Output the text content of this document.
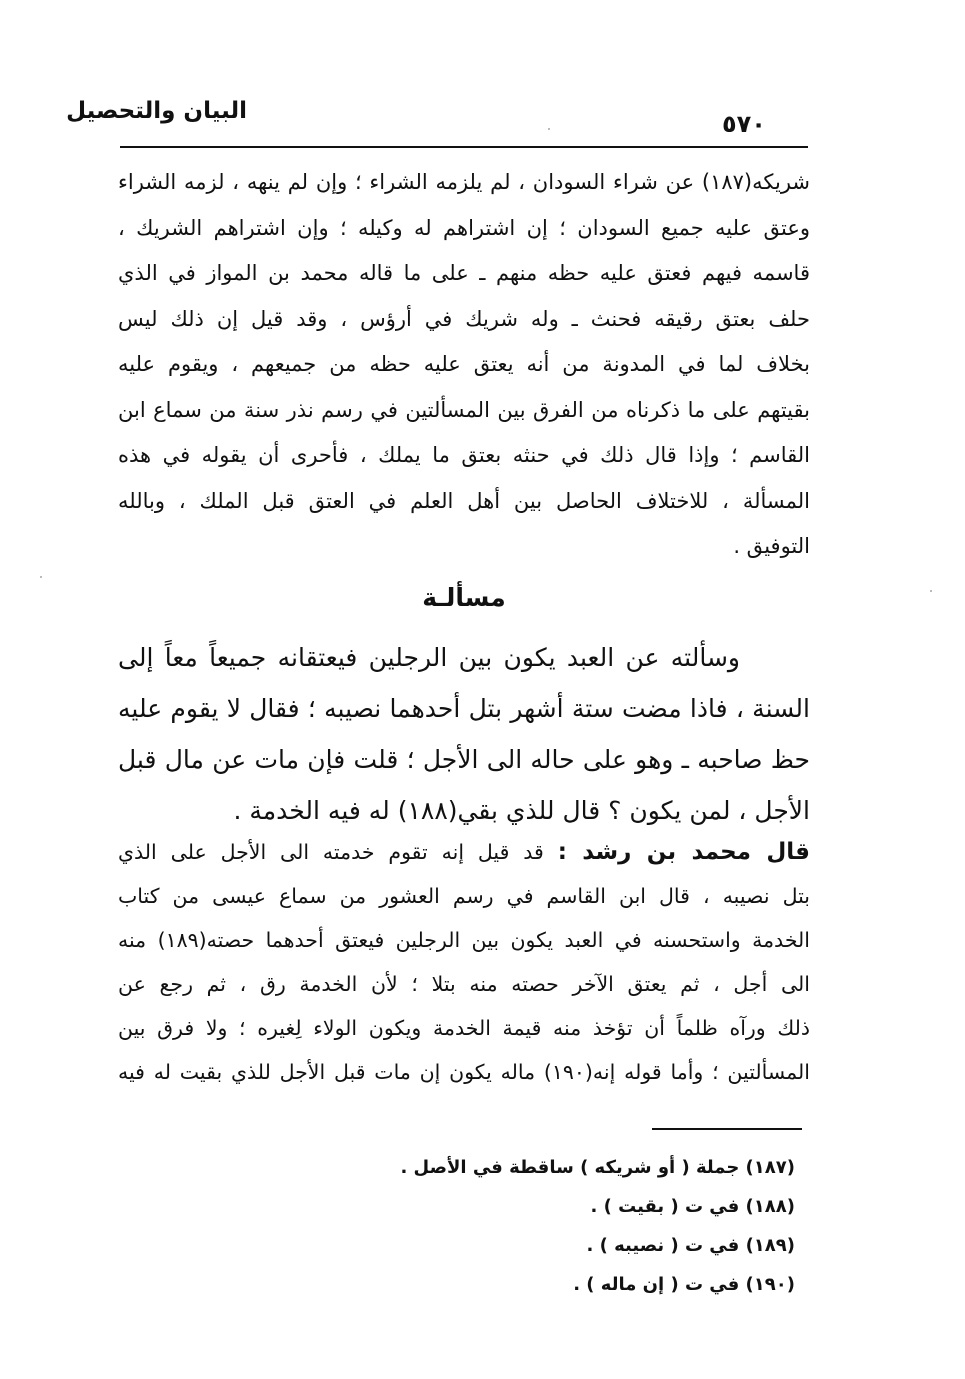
البيان والتحصيل	٥٧٠
شريكه(١٨٧) عن شراء السودان ، لم يلزمه الشراء ؛ وإن لم ينهه ، لزمه الشراء
وعتق عليه جميع السودان ؛ إن اشتراهم له وكيله ؛ وإن اشتراهم الشريك ،
قاسمه فيهم فعتق عليه حظه منهم ـ على ما قاله محمد بن المواز في الذي
حلف بعتق رقيقه فحنث ـ وله شريك في أرؤس ، وقد قيل إن ذلك ليس
بخلاف لما في المدونة من أنه يعتق عليه حظه من جميعهم ، ويقوم عليه
بقيتهم على ما ذكرناه من الفرق بين المسألتين في رسم نذر سنة من سماع ابن
القاسم ؛ وإذا قال ذلك في حنثه بعتق ما يملك ، فأحرى أن يقوله في هذه
المسألة ، للاختلاف الحاصل بين أهل العلم في العتق قبل الملك ، وبالله
التوفيق .
مسألـة
وسألته عن العبد يكون بين الرجلين فيعتقانه جميعاً معاً إلى
السنة ، فاذا مضت ستة أشهر بتل أحدهما نصيبه ؛ فقال لا يقوم عليه
حظ صاحبه ـ وهو على حاله الى الأجل ؛ قلت فإن مات عن مال قبل
الأجل ، لمن يكون ؟ قال للذي بقي(١٨٨) له فيه الخدمة .
قال محمد بن رشد : قد قيل إنه تقوم خدمته الى الأجل على الذي
بتل نصيبه ، قال ابن القاسم في رسم العشور من سماع عيسى من كتاب
الخدمة واستحسنه في العبد يكون بين الرجلين فيعتق أحدهما حصته(١٨٩) منه
الى أجل ، ثم يعتق الآخر حصته منه بتلا ؛ لأن الخدمة رق ، ثم رجع عن
ذلك ورآه ظلماً أن تؤخذ منه قيمة الخدمة ويكون الولاء لِغيره ؛ ولا فرق بين
المسألتين ؛ وأما قوله إنه(١٩٠) ماله يكون إن مات قبل الأجل للذي بقيت له فيه
(١٨٧) جملة ( أو شريكه ) ساقطة في الأصل .
(١٨٨) في ت ( بقيت ) .
(١٨٩) في ت ( نصيبه ) .
(١٩٠) في ت ( إن ماله ) .
